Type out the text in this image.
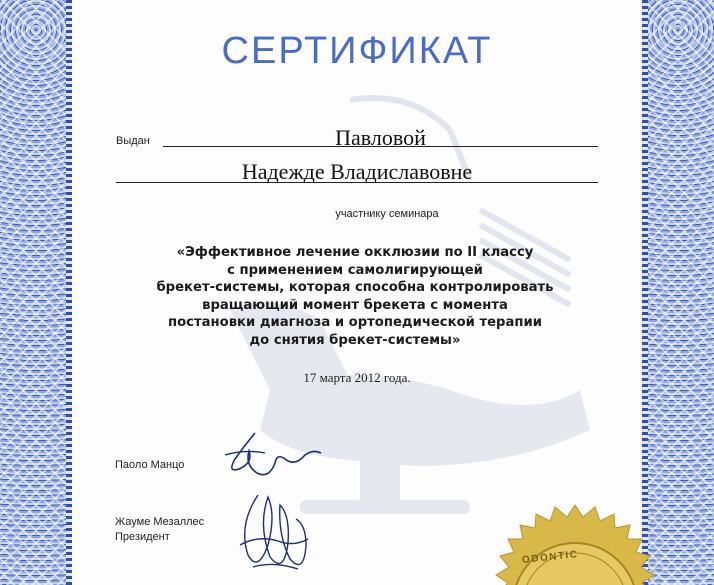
СЕРТИФИКАТ
Выдан	Павловой
Надежде Владиславовне
участнику семинара
«Эффективное лечение окклюзии по II классу
с применением самолигирующей
брекет-системы, которая способна контролировать
вращающий момент брекета с момента
постановки диагноза и ортопедической терапии
до снятия брекет-системы»
17 марта 2012 года.
Паоло Манцо
Жауме Мезаллес
Президент
ODONTIC
